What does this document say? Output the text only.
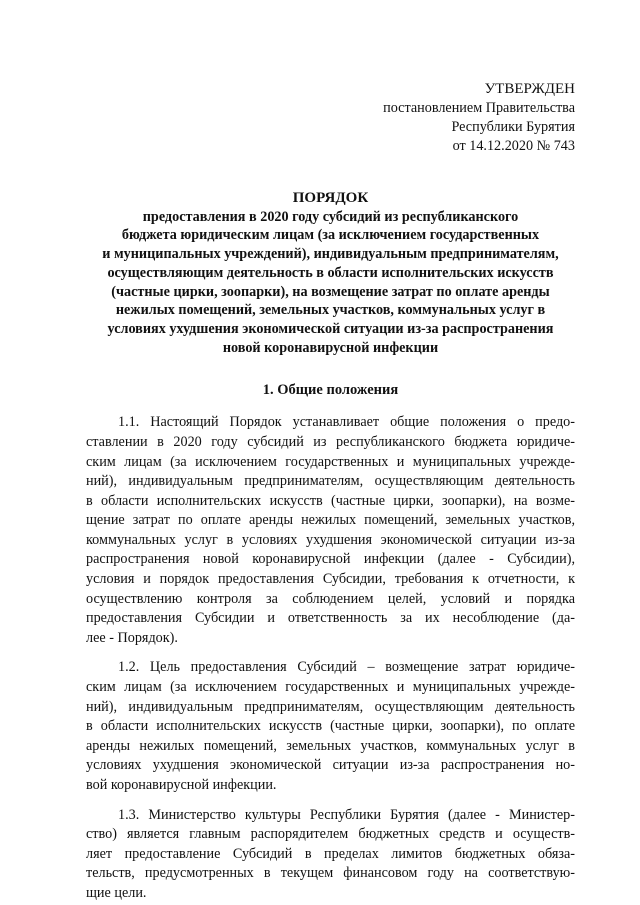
УТВЕРЖДЕН
постановлением Правительства
Республики Бурятия
от 14.12.2020 № 743
ПОРЯДОК
предоставления в 2020 году субсидий из республиканского
бюджета юридическим лицам (за исключением государственных
и муниципальных учреждений), индивидуальным предпринимателям,
осуществляющим деятельность в области исполнительских искусств
(частные цирки, зоопарки), на возмещение затрат по оплате аренды
нежилых помещений, земельных участков, коммунальных услуг в
условиях ухудшения экономической ситуации из-за распространения
новой коронавирусной инфекции
1. Общие положения
1.1. Настоящий Порядок устанавливает общие положения о предо-
ставлении в 2020 году субсидий из республиканского бюджета юридиче-
ским лицам (за исключением государственных и муниципальных учрежде-
ний), индивидуальным предпринимателям, осуществляющим деятельность
в области исполнительских искусств (частные цирки, зоопарки), на возме-
щение затрат по оплате аренды нежилых помещений, земельных участков,
коммунальных услуг в условиях ухудшения экономической ситуации из-за
распространения новой коронавирусной инфекции (далее - Субсидии),
условия и порядок предоставления Субсидии, требования к отчетности, к
осуществлению контроля за соблюдением целей, условий и порядка
предоставления Субсидии и ответственность за их несоблюдение (да-
лее - Порядок).
1.2. Цель предоставления Субсидий – возмещение затрат юридиче-
ским лицам (за исключением государственных и муниципальных учрежде-
ний), индивидуальным предпринимателям, осуществляющим деятельность
в области исполнительских искусств (частные цирки, зоопарки), по оплате
аренды нежилых помещений, земельных участков, коммунальных услуг в
условиях ухудшения экономической ситуации из-за распространения но-
вой коронавирусной инфекции.
1.3. Министерство культуры Республики Бурятия (далее - Министер-
ство) является главным распорядителем бюджетных средств и осуществ-
ляет предоставление Субсидий в пределах лимитов бюджетных обяза-
тельств, предусмотренных в текущем финансовом году на соответствую-
щие цели.
